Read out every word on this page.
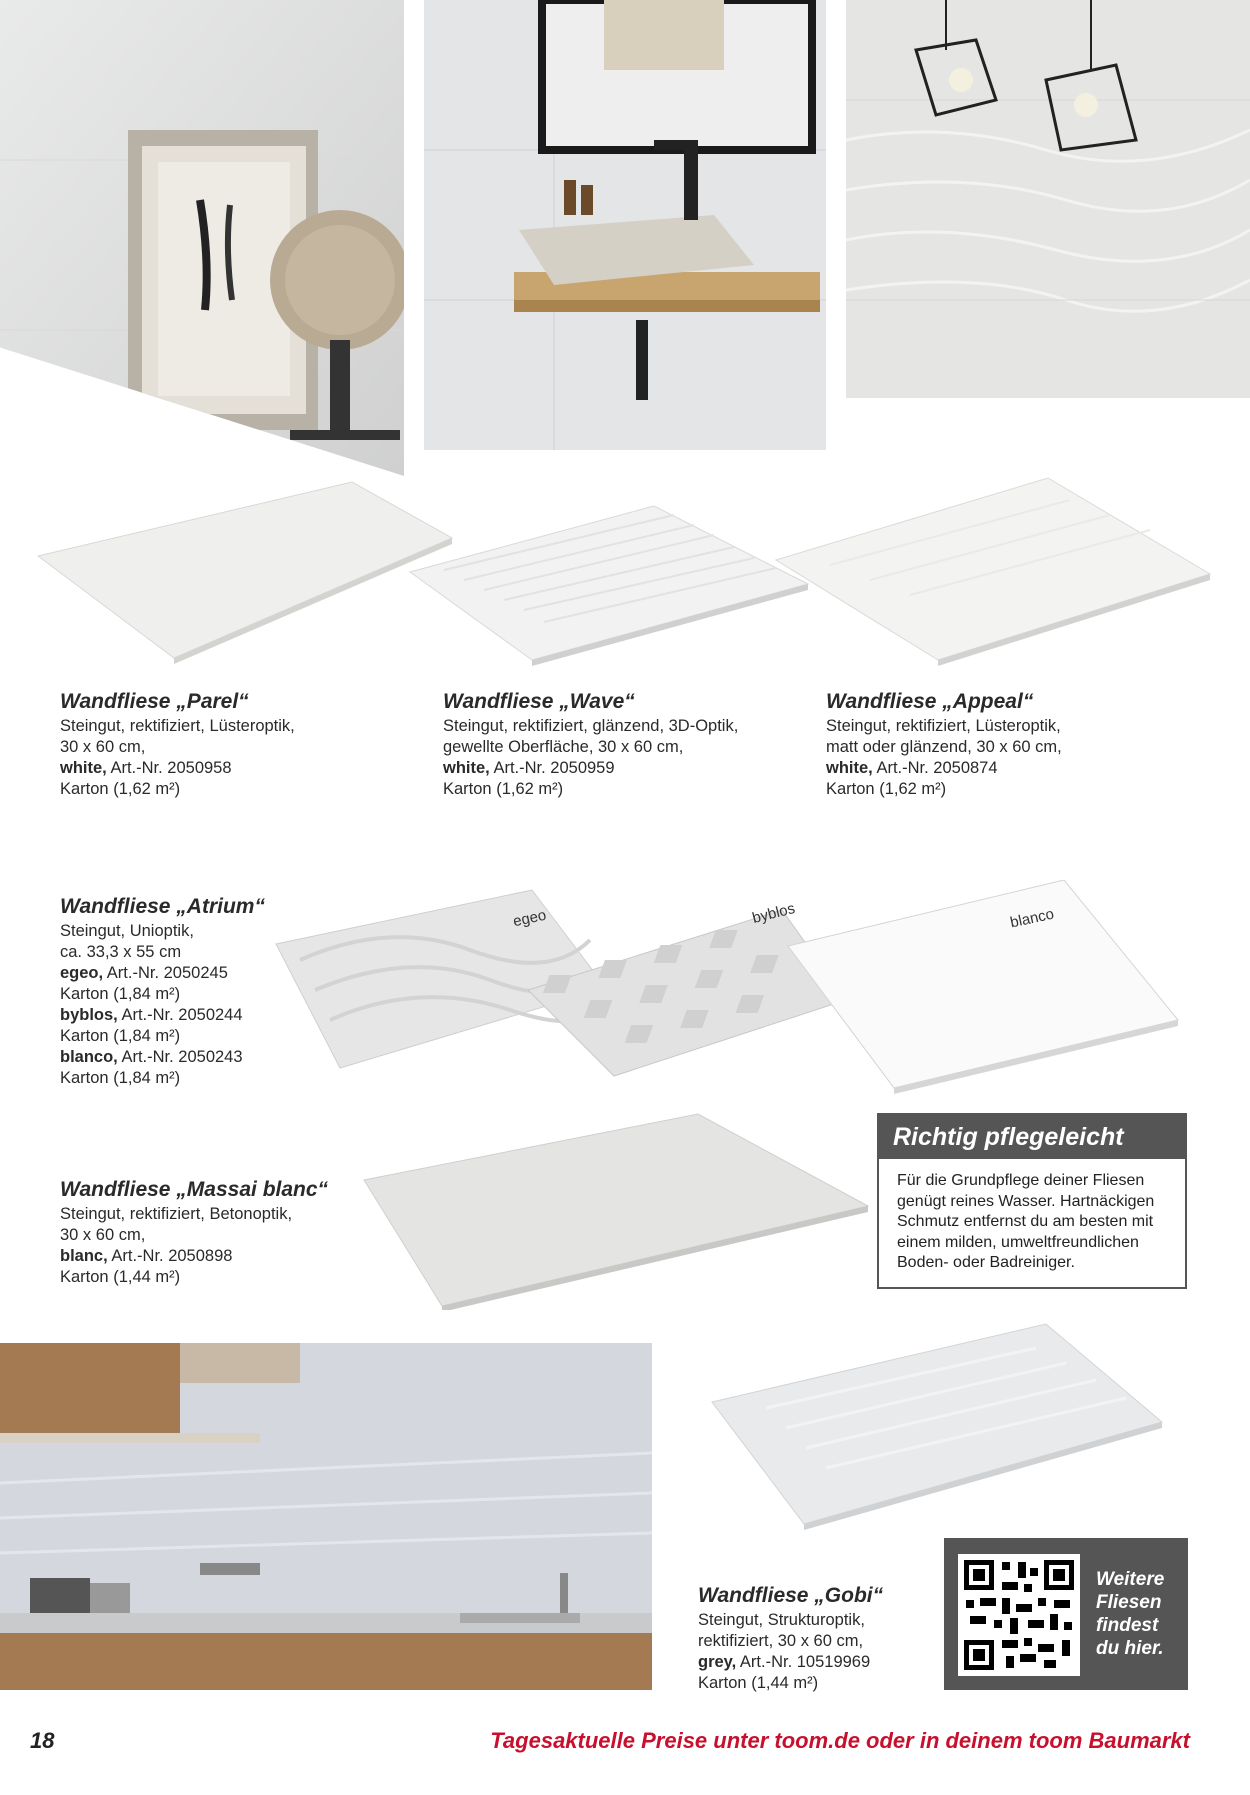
Wandfliese „Parel“
Steingut, rektifiziert, Lüsteroptik,
30 x 60 cm,
white, Art.-Nr. 2050958
Karton (1,62 m²)
Wandfliese „Wave“
Steingut, rektifiziert, glänzend, 3D-Optik,
gewellte Oberfläche, 30 x 60 cm,
white, Art.-Nr. 2050959
Karton (1,62 m²)
Wandfliese „Appeal“
Steingut, rektifiziert, Lüsteroptik,
matt oder glänzend, 30 x 60 cm,
white, Art.-Nr. 2050874
Karton (1,62 m²)
Wandfliese „Atrium“
Steingut, Unioptik,
ca. 33,3 x 55 cm
egeo, Art.-Nr. 2050245
Karton (1,84 m²)
byblos, Art.-Nr. 2050244
Karton (1,84 m²)
blanco, Art.-Nr. 2050243
Karton (1,84 m²)
egeo	byblos	blanco
Wandfliese „Massai blanc“
Steingut, rektifiziert, Betonoptik,
30 x 60 cm,
blanc, Art.-Nr. 2050898
Karton (1,44 m²)
Richtig pflegeleicht
Für die Grundpflege deiner Fliesen
genügt reines Wasser. Hartnäckigen
Schmutz entfernst du am besten mit
einem milden, umweltfreundlichen
Boden- oder Badreiniger.
Wandfliese „Gobi“
Steingut, Strukturoptik,
rektifiziert, 30 x 60 cm,
grey, Art.-Nr. 10519969
Karton (1,44 m²)
Weitere
Fliesen
findest
du hier.
18	Tagesaktuelle Preise unter toom.de oder in deinem toom Baumarkt
